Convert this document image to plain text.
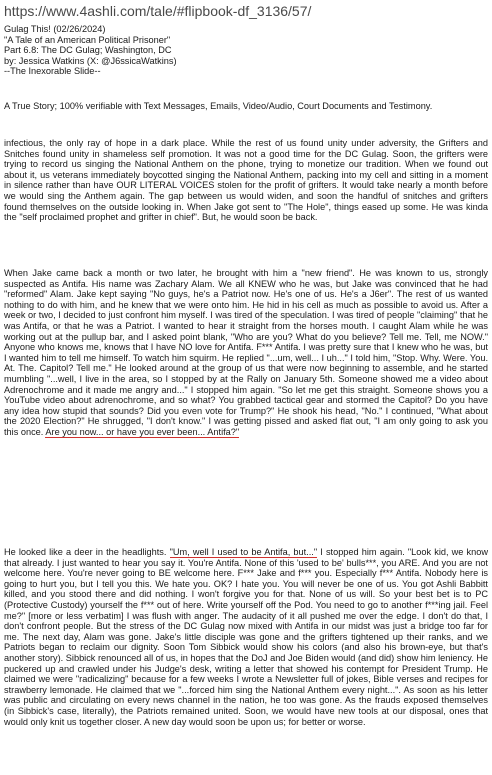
https://www.4ashli.com/tale/#flipbook-df_3136/57/
Gulag This! (02/26/2024)
"A Tale of an American Political Prisoner"
Part 6.8: The DC Gulag; Washington, DC
by: Jessica Watkins (X: @J6ssicaWatkins)
--The Inexorable Slide--
A True Story; 100% verifiable with Text Messages, Emails, Video/Audio, Court Documents and Testimony.

infectious, the only ray of hope in a dark place. While the rest of us found unity under adversity, the Grifters and Snitches found unity in shameless self promotion. It was not a good time for the DC Gulag. Soon, the grifters were trying to record us singing the National Anthem on the phone, trying to monetize our tradition. When we found out about it, us veterans immediately boycotted singing the National Anthem, packing into my cell and sitting in a moment in silence rather than have OUR LITERAL VOICES stolen for the profit of grifters. It would take nearly a month before we would sing the Anthem again. The gap between us would widen, and soon the handful of snitches and grifters found themselves on the outside looking in. When Jake got sent to "The Hole", things eased up some. He was kinda the "self proclaimed prophet and grifter in chief". But, he would soon be back.

When Jake came back a month or two later, he brought with him a "new friend". He was known to us, strongly suspected as Antifa. His name was Zachary Alam. We all KNEW who he was, but Jake was convinced that he had "reformed" Alam. Jake kept saying "No guys, he's a Patriot now. He's one of us. He's a J6er". The rest of us wanted nothing to do with him, and he knew that we were onto him. He hid in his cell as much as possible to avoid us. After a week or two, I decided to just confront him myself. I was tired of the speculation. I was tired of people "claiming" that he was Antifa, or that he was a Patriot. I wanted to hear it straight from the horses mouth. I caught Alam while he was working out at the pullup bar, and I asked point blank, "Who are you? What do you believe? Tell me. Tell, me NOW." Anyone who knows me, knows that I have NO love for Antifa. F*** Antifa. I was pretty sure that I knew who he was, but I wanted him to tell me himself. To watch him squirm. He replied "...um, well... I uh..." I told him, "Stop. Why. Were. You. At. The. Capitol? Tell me." He looked around at the group of us that were now beginning to assemble, and he started mumbling "...well, I live in the area, so I stopped by at the Rally on January 5th. Someone showed me a video about Adrenochrome and it made me angry and..." I stopped him again. "So let me get this straight. Someone shows you a YouTube video about adrenochrome, and so what? You grabbed tactical gear and stormed the Capitol? Do you have any idea how stupid that sounds? Did you even vote for Trump?" He shook his head, "No." I continued, "What about the 2020 Election?" He shrugged, "I don't know." I was getting pissed and asked flat out, "I am only going to ask you this once. Are you now... or have you ever been... Antifa?"

He looked like a deer in the headlights. "Um, well I used to be Antifa, but..." I stopped him again. "Look kid, we know that already. I just wanted to hear you say it. You're Antifa. None of this 'used to be' bulls***, you ARE. And you are not welcome here. You're never going to BE welcome here. F*** Jake and f*** you. Especially f*** Antifa. Nobody here is going to hurt you, but I tell you this. We hate you. OK? I hate you. You will never be one of us. You got Ashli Babbitt killed, and you stood there and did nothing. I won't forgive you for that. None of us will. So your best bet is to PC (Protective Custody) yourself the f*** out of here. Write yourself off the Pod. You need to go to another f***ing jail. Feel me?" [more or less verbatim] I was flush with anger. The audacity of it all pushed me over the edge. I don't do that, I don't confront people. But the stress of the DC Gulag now mixed with Antifa in our midst was just a bridge too far for me. The next day, Alam was gone. Jake's little disciple was gone and the grifters tightened up their ranks, and we Patriots began to reclaim our dignity. Soon Tom Sibbick would show his colors (and also his brown-eye, but that's another story). Sibbick renounced all of us, in hopes that the DoJ and Joe Biden would (and did) show him leniency. He puckered up and crawled under his Judge's desk, writing a letter that showed his contempt for President Trump. He claimed we were "radicalizing" because for a few weeks I wrote a Newsletter full of jokes, Bible verses and recipes for strawberry lemonade. He claimed that we "...forced him sing the National Anthem every night...". As soon as his letter was public and circulating on every news channel in the nation, he too was gone. As the frauds exposed themselves (in Sibbick's case, literally), the Patriots remained united. Soon, we would have new tools at our disposal, ones that would only knit us together closer. A new day would soon be upon us; for better or worse.
